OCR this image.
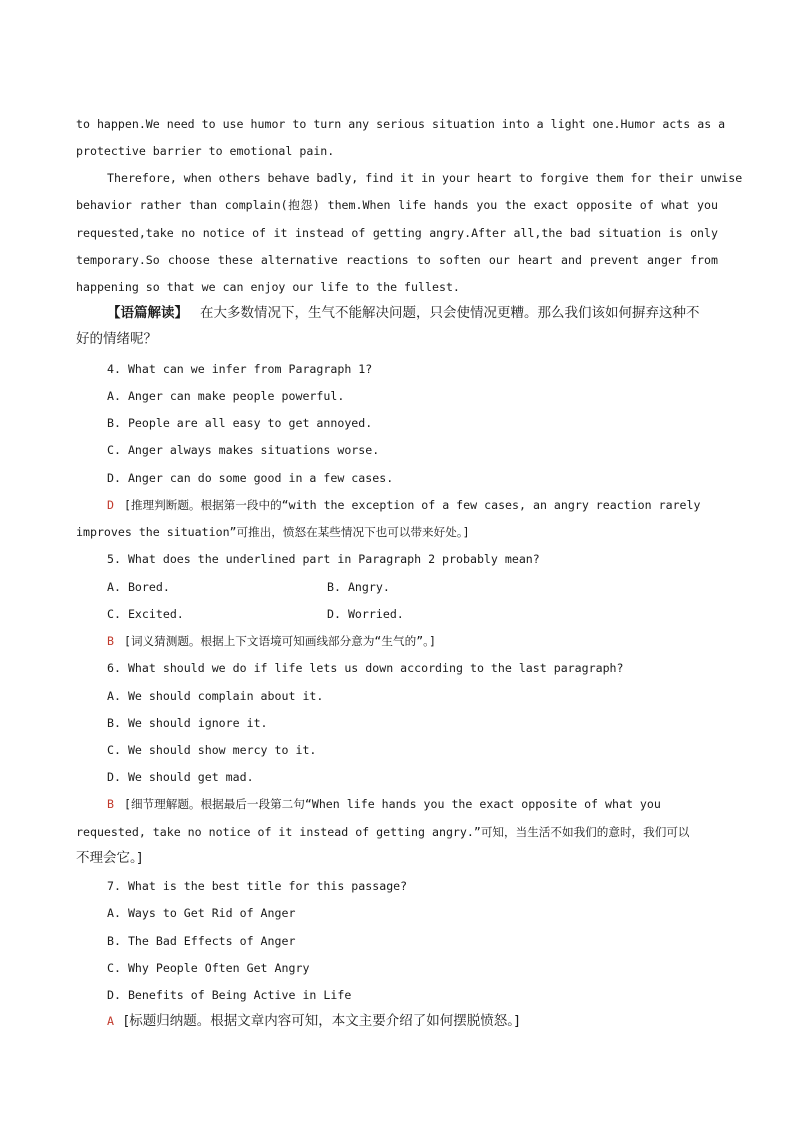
to happen.We need to use humor to turn any serious situation into a light one.Humor acts as a
protective barrier to emotional pain.
Therefore, when others behave badly, find it in your heart to forgive them for their unwise
behavior rather than complain(抱怨) them.When life hands you the exact opposite of what you
requested,take no notice of it instead of getting angry.After all,the bad situation is only
temporary.So choose these alternative reactions to soften our heart and prevent anger from
happening so that we can enjoy our life to the fullest.
【语篇解读】 在大多数情况下，生气不能解决问题，只会使情况更糟。那么我们该如何摒弃这种不
好的情绪呢？
4. What can we infer from Paragraph 1?
A. Anger can make people powerful.
B. People are all easy to get annoyed.
C. Anger always makes situations worse.
D. Anger can do some good in a few cases.
D [推理判断题。根据第一段中的“with the exception of a few cases, an angry reaction rarely
improves the situation”可推出，愤怒在某些情况下也可以带来好处。]
5. What does the underlined part in Paragraph 2 probably mean?
A. Bored.	B. Angry.
C. Excited.	D. Worried.
B [词义猜测题。根据上下文语境可知画线部分意为“生气的”。]
6. What should we do if life lets us down according to the last paragraph?
A. We should complain about it.
B. We should ignore it.
C. We should show mercy to it.
D. We should get mad.
B [细节理解题。根据最后一段第二句“When life hands you the exact opposite of what you
requested, take no notice of it instead of getting angry.”可知，当生活不如我们的意时，我们可以
不理会它。]
7. What is the best title for this passage?
A. Ways to Get Rid of Anger
B. The Bad Effects of Anger
C. Why People Often Get Angry
D. Benefits of Being Active in Life
A [标题归纳题。根据文章内容可知，本文主要介绍了如何摆脱愤怒。]
